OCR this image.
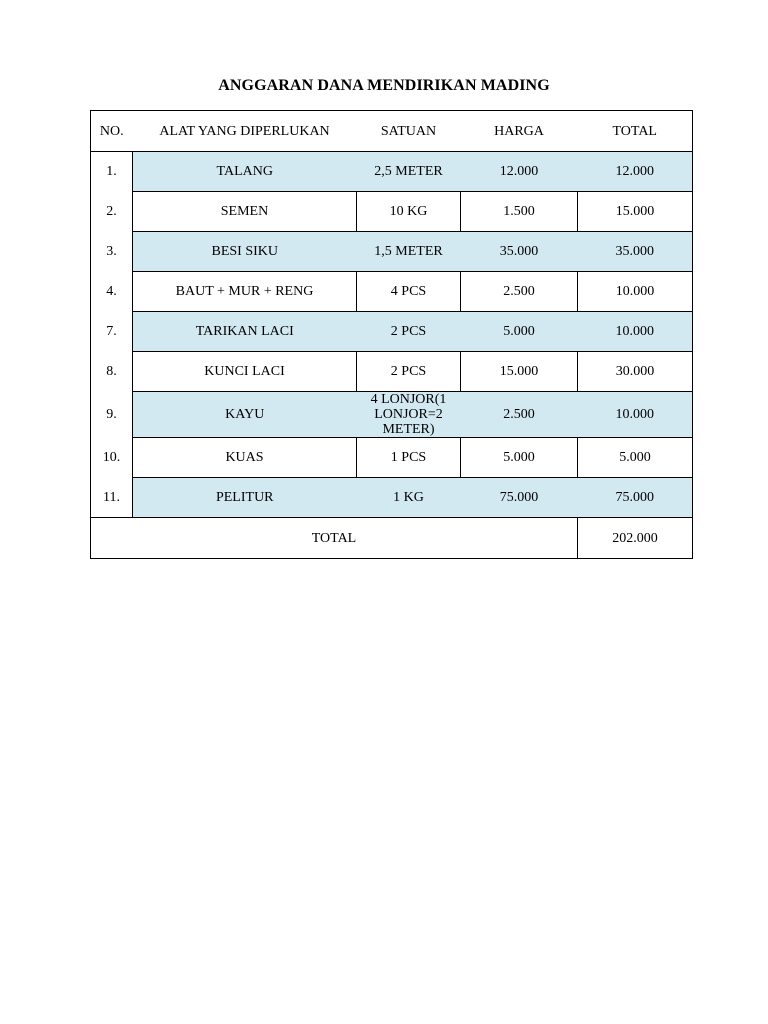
ANGGARAN DANA MENDIRIKAN MADING
NO.	ALAT YANG DIPERLUKAN	SATUAN	HARGA	TOTAL
1.	TALANG	2,5 METER	12.000	12.000
2.	SEMEN	10 KG	1.500	15.000
3.	BESI SIKU	1,5 METER	35.000	35.000
4.	BAUT + MUR + RENG	4 PCS	2.500	10.000
7.	TARIKAN LACI	2 PCS	5.000	10.000
8.	KUNCI LACI	2 PCS	15.000	30.000
9.	KAYU	4 LONJOR(1 LONJOR=2 METER)	2.500	10.000
10.	KUAS	1 PCS	5.000	5.000
11.	PELITUR	1 KG	75.000	75.000
TOTAL				202.000
